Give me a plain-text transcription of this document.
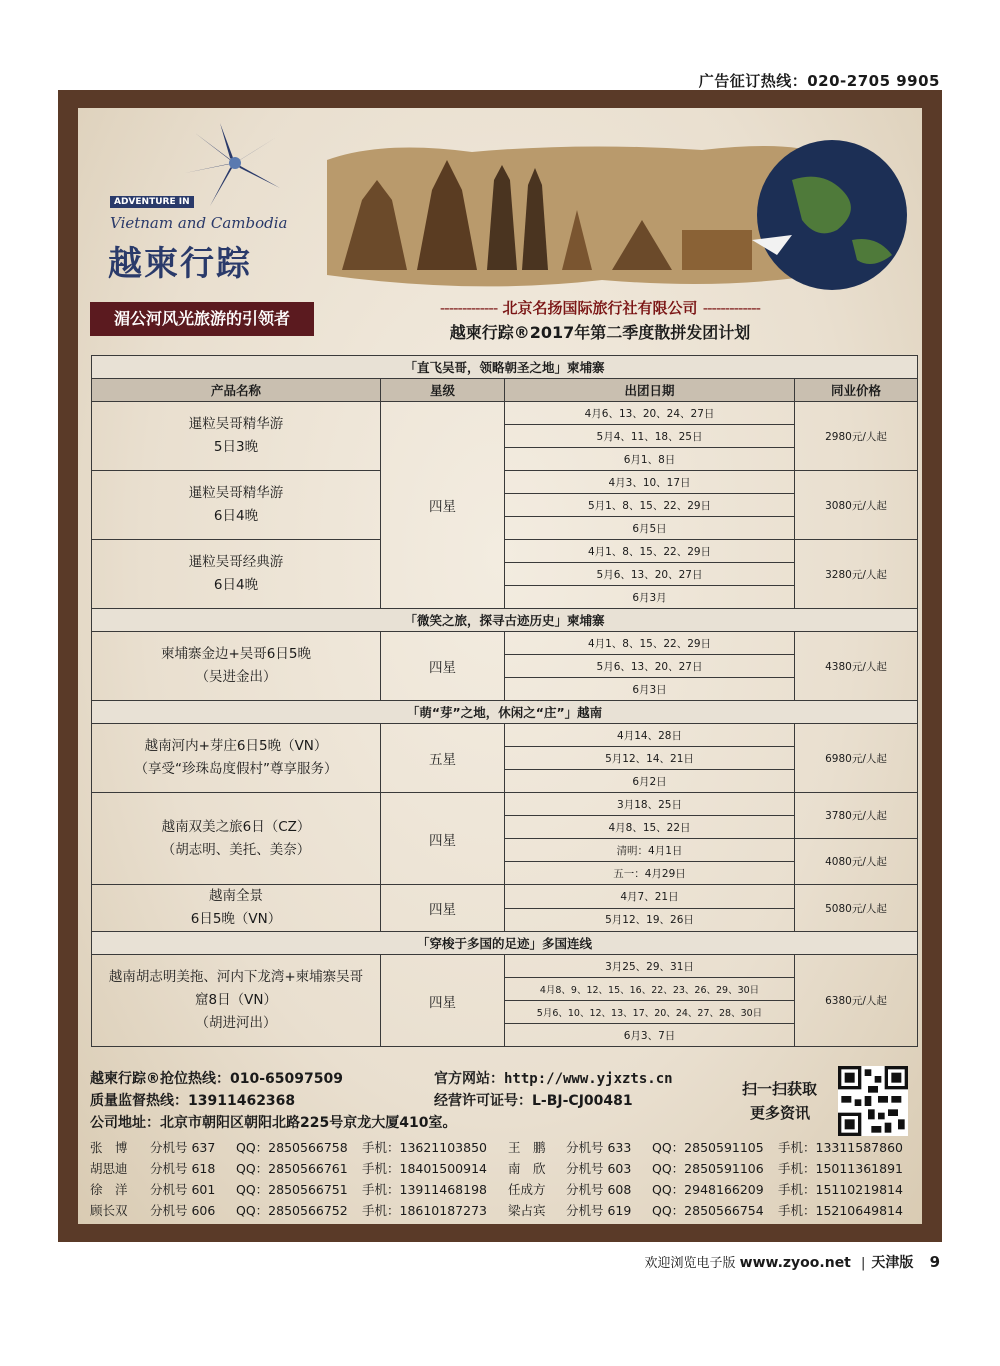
广告征订热线：020-2705 9905
ADVENTURE IN
Vietnam and Cambodia
越柬行踪
湄公河风光旅游的引领者
------------- 北京名扬国际旅行社有限公司 -------------
越柬行踪®2017年第二季度散拼发团计划
「直飞吴哥，领略朝圣之地」柬埔寨			
产品名称	星级	出团日期	同业价格

暹粒吴哥精华游
5日3晚	四星	4月6、13、20、24、27日	2980元/人起
		5月4、11、18、25日	
		6月1、8日	

暹粒吴哥精华游
6日4晚		4月3、10、17日	3080元/人起
		5月1、8、15、22、29日	
		6月5日	

暹粒吴哥经典游
6日4晚		4月1、8、15、22、29日	3280元/人起
		5月6、13、20、27日	
		6月3月	
「微笑之旅，探寻古迹历史」柬埔寨			

柬埔寨金边+吴哥6日5晚
（吴进金出）	四星	4月1、8、15、22、29日	4380元/人起
		5月6、13、20、27日	
		6月3日	
「萌“芽”之地，休闲之“庄”」越南			

越南河内+芽庄6日5晚（VN）
（享受“珍珠岛度假村”尊享服务）	五星	4月14、28日	6980元/人起
		5月12、14、21日	
		6月2日	

越南双美之旅6日（CZ）
（胡志明、美托、美奈）	四星	3月18、25日	3780元/人起
		4月8、15、22日	
		清明：4月1日	4080元/人起
		五一：4月29日	

越南全景
6日5晚（VN）	四星	4月7、21日	5080元/人起
		5月12、19、26日	
「穿梭于多国的足迹」多国连线			

越南胡志明美拖、河内下龙湾+柬埔寨吴哥
窟8日（VN）
（胡进河出）	四星	3月25、29、31日	6380元/人起
		4月8、9、12、15、16、22、23、26、29、30日	
		5月6、10、12、13、17、20、24、27、28、30日	
		6月3、7日	
越柬行踪®抢位热线：010-65097509	官方网站：http://www.yjxzts.cn
质量监督热线：13911462368	经营许可证号：L-BJ-CJ00481
公司地址：北京市朝阳区朝阳北路225号京龙大厦410室。
扫一扫获取
更多资讯
张　博 分机号 637 QQ：2850566758 手机：13621103850 王　鹏 分机号 633 QQ：2850591105 手机：13311587860
胡思迪 分机号 618 QQ：2850566761 手机：18401500914 南　欣 分机号 603 QQ：2850591106 手机：15011361891
徐　洋 分机号 601 QQ：2850566751 手机：13911468198 任成方 分机号 608 QQ：2948166209 手机：15110219814
顾长双 分机号 606 QQ：2850566752 手机：18610187273 梁占宾 分机号 619 QQ：2850566754 手机：15210649814
欢迎浏览电子版 www.zyoo.net | 天津版 9
